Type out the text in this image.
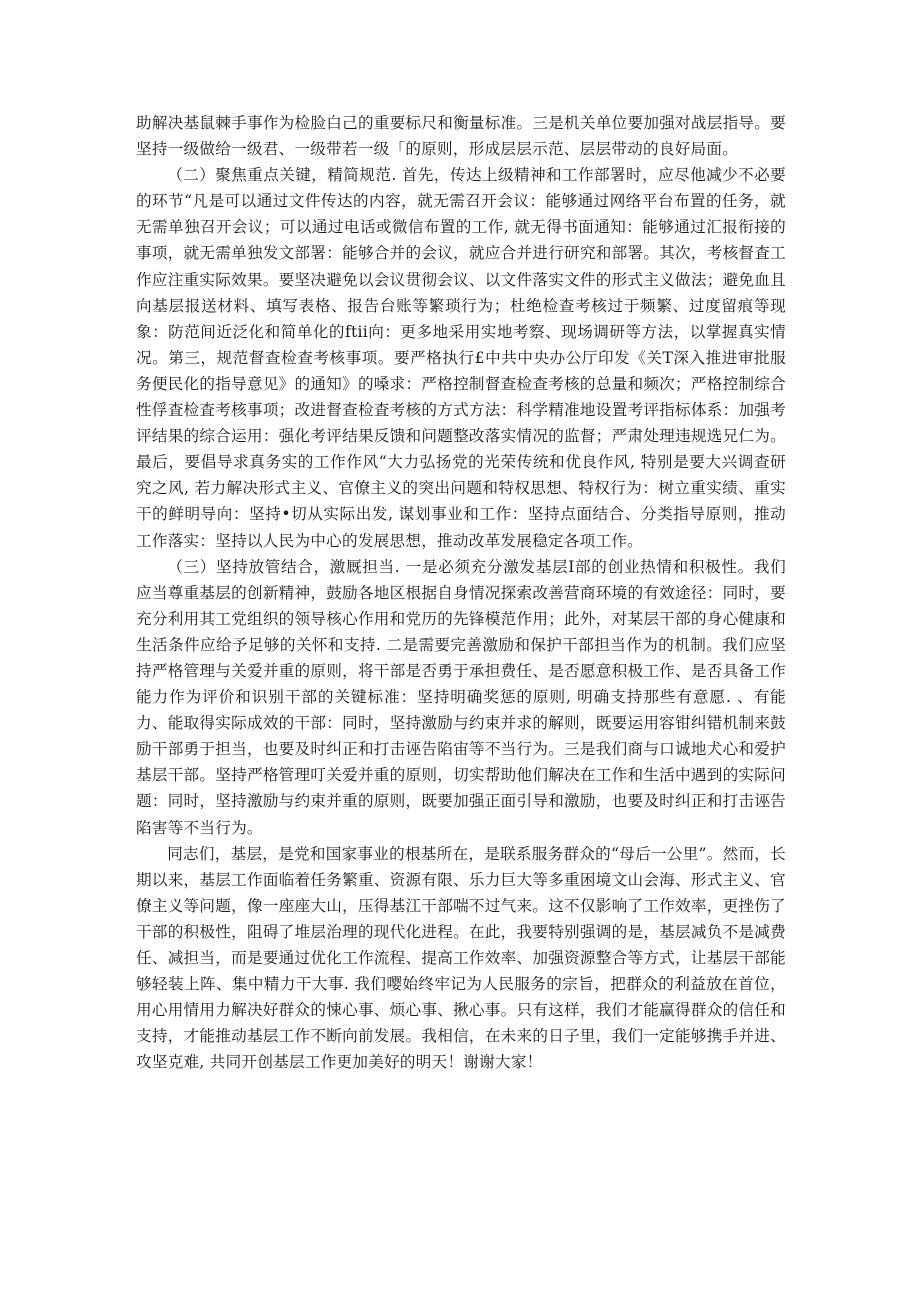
助解决基鼠棘手事作为检脸白己的重要标尺和衡量标准。三是机关单位要加强对战层指导。要坚持一级做给一级君、一级带若一级「的原则，形成层层示范、层层带动的良好局面。

（二）聚焦重点关键，精简规范. 首先，传达上级精神和工作部署时，应尽他减少不必要的环节“凡是可以通过文件传达的内容，就无需召开会议：能够通过网络平台布置的任务，就无需单独召开会议；可以通过电话或微信布置的工作, 就无得书面通知：能够通过汇报衔接的事项，就无需单独发文部署：能够合并的会议，就应合并进行研究和部署。其次，考核督査工作应注重实际效果。要坚决避免以会议贯彻会议、以文件落实文件的形式主义做法；避免血且向基层报送材料、填写表格、报告台账等繁琐行为；杜绝检查考核过于频繁、过度留痕等现象：防范间近泛化和简单化的ftii向：更多地采用实地考察、现场调研等方法，以掌握真实情况。第三，规范督查检查考核事项。要严格执行£中共中央办公厅印发《关T深入推进审批服务便民化的指导意见》的通知》的嗓求：严格控制督查检查考核的总量和频次；严格控制综合性俘査检査考核事项；改进督查检査考核的方式方法：科学精准地设置考评指标体系：加强考评结果的综合运用：强化考评结果反馈和问题整改落实情况的监督；严肃处理违规选兄仁为。最后，要倡导求真务实的工作作风“大力弘扬党的光荣传统和优良作风, 特别是要大兴调查研究之风, 若力解决形式主义、官僚主义的突出问题和特权思想、特权行为：树立重实绩、重实干的鲜明导向：坚持•切从实际出发, 谋划事业和工作：坚持点面结合、分类指导原则，推动工作落实：坚持以人民为中心的发展思想，推动改革发展稳定各项工作。

（三）坚持放管结合，激厩担当. 一是必须充分激发基层I部的创业热情和积极性。我们应当尊重基层的创新精神，鼓励各地区根据自身情况探索改善营商环境的有效途径：同时，要充分利用其工党组织的领导核心作用和党历的先锋模范作用；此外，对某层干部的身心健康和生活条件应给予足够的关怀和支持. 二是需要完善激励和保护干部担当作为的机制。我们应坚持严格管理与关爱并重的原则，将干部是否勇于承担费任、是否愿意积极工作、是否具备工作能力作为评价和识别干部的关键标准：坚持明确奖惩的原则, 明确支持那些有意愿. 、有能力、能取得实际成效的干部：同时，坚持激励与约束并求的解则，既要运用容钳纠错机制来鼓励干部勇于担当，也要及时纠正和打击诬告陷宙等不当行为。三是我们商与口诚地犬心和爱护基层干部。坚持严格管理叮关爱并重的原则，切实帮助他们解决在工作和生活中遇到的实际问题：同时，坚持激励与约束并重的原则，既要加强正面引导和激励，也要及时纠正和打击诬告陷害等不当行为。

同志们，基层，是党和国家事业的根基所在，是联系服务群众的“母后一公里”。然而，长期以来，基层工作面临着任务繁重、资源有限、乐力巨大等多重困境文山会海、形式主义、官僚主义等问题，像一座座大山，压得基江干部喘不过气来。这不仅影响了工作效率，更挫伤了干部的积极性，阻碍了堆层治理的现代化进程。在此，我要特别强调的是，基层减负不是减费任、减担当，而是要通过优化工作流程、提高工作效率、加强资源整合等方式，让基层干部能够轻装上阵、集中精力干大事. 我们嘤始终牢记为人民服务的宗旨，把群众的利益放在首位，用心用情用力解决好群众的悚心事、烦心事、揪心事。只有这样，我们才能赢得群众的信任和支持，才能推动基层工作不断向前发展。我相信，在未来的日子里，我们一定能够携手并进、攻坚克难, 共同开创基层工作更加美好的明天！谢谢大家！
